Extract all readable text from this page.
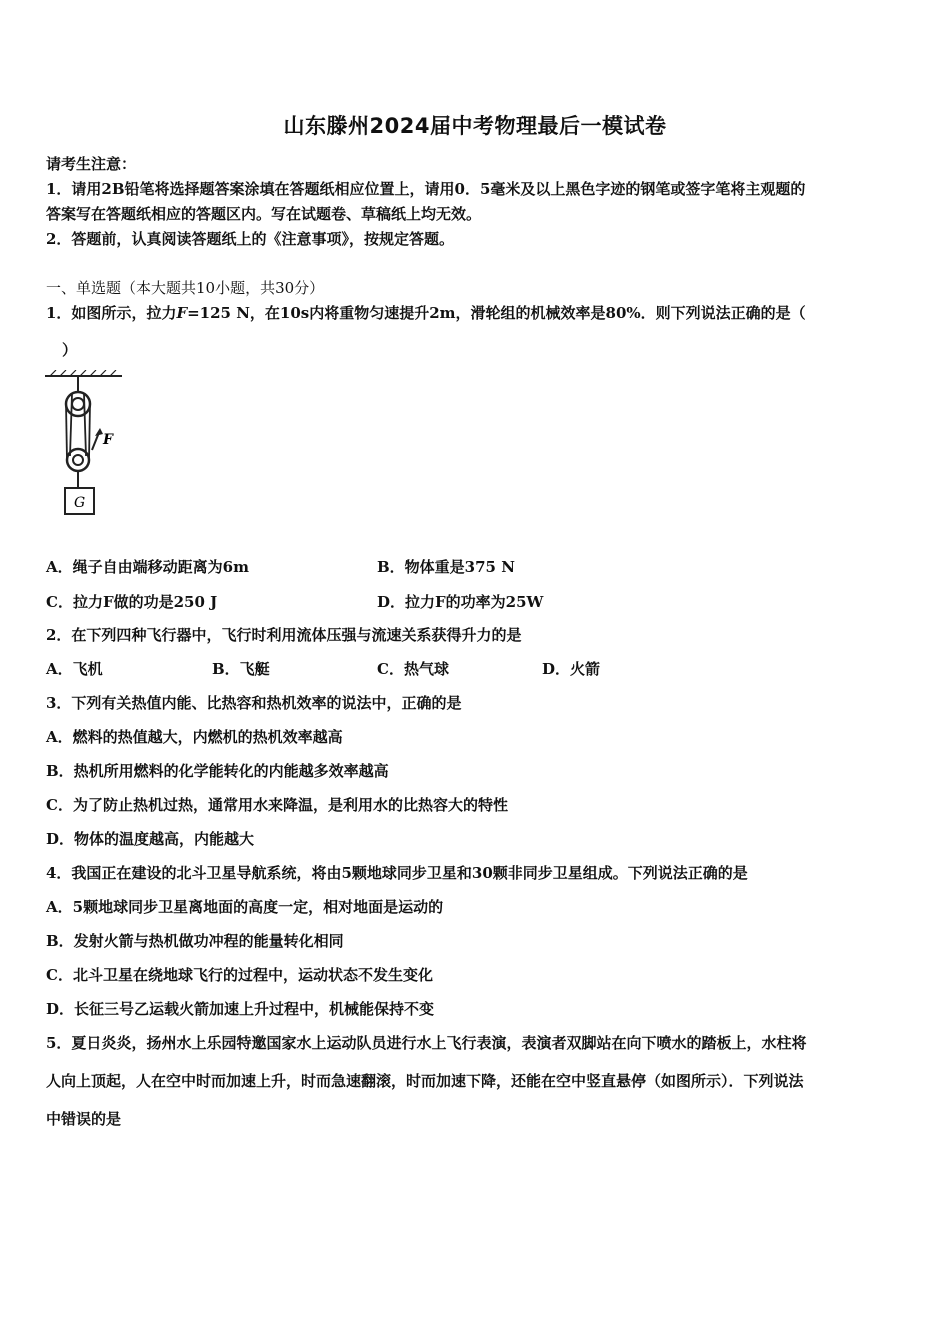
山东滕州2024届中考物理最后一模试卷
请考生注意：
1．请用2B铅笔将选择题答案涂填在答题纸相应位置上，请用0．5毫米及以上黑色字迹的钢笔或签字笔将主观题的
答案写在答题纸相应的答题区内。写在试题卷、草稿纸上均无效。
2．答题前，认真阅读答题纸上的《注意事项》，按规定答题。
一、单选题（本大题共10小题，共30分）
1．如图所示，拉力F=125 N，在10s内将重物匀速提升2m，滑轮组的机械效率是80%．则下列说法正确的是（
）
G
F
A．绳子自由端移动距离为6m	B．物体重是375 N
C．拉力F做的功是250 J	D．拉力F的功率为25W
2．在下列四种飞行器中，飞行时利用流体压强与流速关系获得升力的是
A．飞机	B．飞艇	C．热气球	D．火箭
3．下列有关热值内能、比热容和热机效率的说法中，正确的是
A．燃料的热值越大，内燃机的热机效率越高
B．热机所用燃料的化学能转化的内能越多效率越高
C．为了防止热机过热，通常用水来降温，是利用水的比热容大的特性
D．物体的温度越高，内能越大
4．我国正在建设的北斗卫星导航系统，将由5颗地球同步卫星和30颗非同步卫星组成。下列说法正确的是
A．5颗地球同步卫星离地面的高度一定，相对地面是运动的
B．发射火箭与热机做功冲程的能量转化相同
C．北斗卫星在绕地球飞行的过程中，运动状态不发生变化
D．长征三号乙运载火箭加速上升过程中，机械能保持不变
5．夏日炎炎，扬州水上乐园特邀国家水上运动队员进行水上飞行表演，表演者双脚站在向下喷水的踏板上，水柱将
人向上顶起，人在空中时而加速上升，时而急速翻滚，时而加速下降，还能在空中竖直悬停（如图所示）．下列说法
中错误的是
